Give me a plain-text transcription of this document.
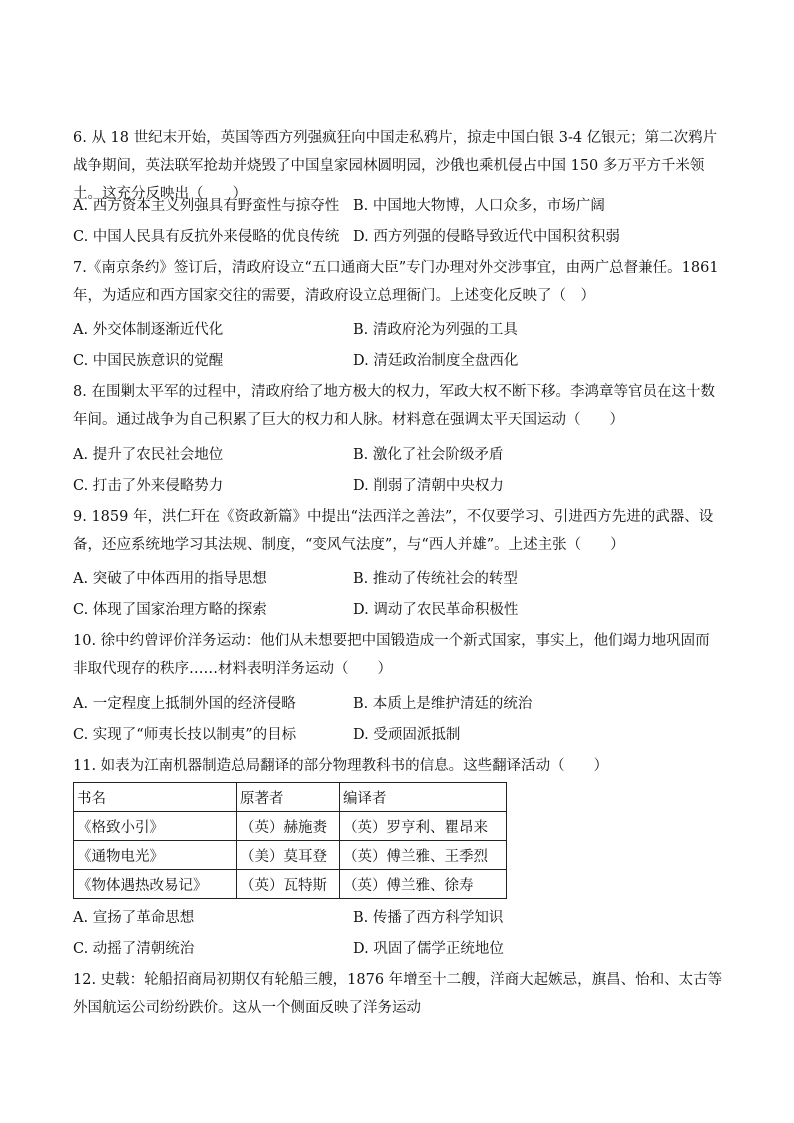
6. 从 18 世纪末开始，英国等西方列强疯狂向中国走私鸦片，掠走中国白银 3-4 亿银元；第二次鸦片战争期间，英法联军抢劫并烧毁了中国皇家园林圆明园，沙俄也乘机侵占中国 150 多万平方千米领土。这充分反映出（　　）

A. 西方资本主义列强具有野蛮性与掠夺性 B. 中国地大物博，人口众多，市场广阔
C. 中国人民具有反抗外来侵略的优良传统 D. 西方列强的侵略导致近代中国积贫积弱

7.《南京条约》签订后，清政府设立“五口通商大臣”专门办理对外交涉事宜，由两广总督兼任。1861 年，为适应和西方国家交往的需要，清政府设立总理衙门。上述变化反映了（　）

A. 外交体制逐渐近代化	B. 清政府沦为列强的工具
C. 中国民族意识的觉醒	D. 清廷政治制度全盘西化

8. 在围剿太平军的过程中，清政府给了地方极大的权力，军政大权不断下移。李鸿章等官员在这十数年间。通过战争为自己积累了巨大的权力和人脉。材料意在强调太平天国运动（　　）

A. 提升了农民社会地位	B. 激化了社会阶级矛盾
C. 打击了外来侵略势力	D. 削弱了清朝中央权力

9. 1859 年，洪仁玕在《资政新篇》中提出“法西洋之善法”，不仅要学习、引进西方先进的武器、设备，还应系统地学习其法规、制度，“变风气法度”，与“西人并雄”。上述主张（　　）

A. 突破了中体西用的指导思想	B. 推动了传统社会的转型
C. 体现了国家治理方略的探索	D. 调动了农民革命积极性

10. 徐中约曾评价洋务运动：他们从未想要把中国锻造成一个新式国家，事实上，他们竭力地巩固而非取代现存的秩序……材料表明洋务运动（　　）

A. 一定程度上抵制外国的经济侵略	B. 本质上是维护清廷的统治
C. 实现了“师夷长技以制夷”的目标	D. 受顽固派抵制

11. 如表为江南机器制造总局翻译的部分物理教科书的信息。这些翻译活动（　　）

书名	原著者	编译者
《格致小引》	（英）赫施赉	（英）罗亨利、瞿昂来
《通物电光》	（美）莫耳登	（英）傅兰雅、王季烈
《物体遇热改易记》	（英）瓦特斯	（英）傅兰雅、徐寿
A. 宣扬了革命思想	B. 传播了西方科学知识
C. 动摇了清朝统治	D. 巩固了儒学正统地位

12. 史载：轮船招商局初期仅有轮船三艘，1876 年增至十二艘，洋商大起嫉忌，旗昌、怡和、太古等外国航运公司纷纷跌价。这从一个侧面反映了洋务运动
